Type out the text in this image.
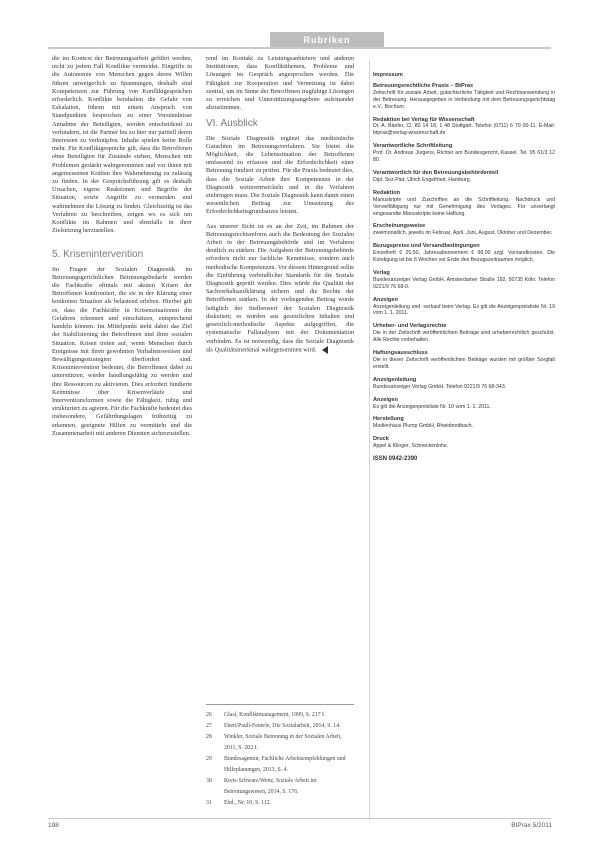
Rubriken

die im Kontext der Betreuungsarbeit geführt werden, nicht zu jedem Fall Konflikte vermeidet. Eingriffe in die Autonomie von Menschen gegen deren Willen führen unweigerlich zu Spannungen, deshalb sind Kompetenzen zur Führung von Konfliktgesprächen erforderlich. Konflikte beinhalten die Gefahr von Eskalation, führen mit einem Anspruch von Standpunkten besprochen zu einer Verständnisse Annahme der Beteiligten, werden entscheidend zu verhindern, ist die Partner bis zu hier nur partiell deren Interessen zu verknüpfen. Inhalte spielen keine Rolle mehr. Für Konfliktgespräche gilt, dass die Betroffenen ohne Beteiligten für Zustände stehen, Menschen mit Problemen gestärkt wahrgenommen und vor ihnen mit angemessenen Kräften ihre Wahrnehmung zu zulässig zu finden. In der Gesprächsführung gilt es deshalb Ursachen, eigene Reaktionen und Begriffe der Situation, sowie Angriffe zu vermeiden und wahrnehmen die Lösung zu finden. Gleichzeitig ist das Verfahren zu beschreiben, zeigen wo es sich um Konflikte im Rahmen und ebenfalls in ihrer Zielsetzung herzustellen.

5. Krisenintervention

Im Fragen der Sozialen Diagnostik im Betreuungsgerichtlichen Betreuungsbedarfe werden die Fachkräfte oftmals mit akuten Krisen der Betroffenen konfrontiert, die sie in der Klärung einer konkreten Situation als belastend erleben. Hierbei gilt es, dass die Fachkräfte in Krisensituationen die Gefahren erkennen und einschätzen, entsprechend handeln können. Im Mittelpunkt steht dabei das Ziel der Stabilisierung der Betroffenen und ihrer sozialen Situation. Krisen treten auf, wenn Menschen durch Ereignisse mit ihren gewohnten Verhaltensweisen und Bewältigungsstrategien überfordert sind. Krisenintervention bedeutet, die Betroffenen dabei zu unterstützen, wieder handlungsfähig zu werden und ihre Ressourcen zu aktivieren. Dies erfordert fundierte Kenntnisse über Krisenverläufe und Interventionsformen sowie die Fähigkeit, ruhig und strukturiert zu agieren. Für die Fachkräfte bedeutet dies insbesondere, Gefährdungslagen frühzeitig zu erkennen, geeignete Hilfen zu vermitteln und die Zusammenarbeit mit anderen Diensten sicherzustellen.

rend im Kontakt zu Leistungsanbietern und anderen Institutionen, dass Konfliktthemen, Probleme und Lösungen im Gespräch angesprochen werden. Die Fähigkeit zur Kooperation und Vernetzung ist dabei zentral, um im Sinne der Betroffenen tragfähige Lösungen zu erreichen und Unterstützungsangebote aufeinander abzustimmen.

VI. Ausblick

Die Soziale Diagnostik ergänzt das medizinische Gutachten im Betreuungsverfahren. Sie bietet die Möglichkeit, die Lebenssituation der Betroffenen umfassend zu erfassen und die Erforderlichkeit einer Betreuung fundiert zu prüfen. Für die Praxis bedeutet dies, dass die Soziale Arbeit ihre Kompetenzen in der Diagnostik weiterentwickeln und in die Verfahren einbringen muss. Die Soziale Diagnostik kann damit einen wesentlichen Beitrag zur Umsetzung des Erforderlichkeitsgrundsatzes leisten.

Aus unserer Sicht ist es an der Zeit, im Rahmen der Betreuungsrechtsreform auch die Bedeutung der Sozialen Arbeit in der Betreuungsbehörde und im Verfahren deutlich zu stärken. Die Aufgaben der Betreuungsbehörde erfordern nicht nur fachliche Kenntnisse, sondern auch methodische Kompetenzen. Vor diesem Hintergrund sollte die Einführung verbindlicher Standards für die Soziale Diagnostik geprüft werden. Dies würde die Qualität der Sachverhaltsaufklärung sichern und die Rechte der Betroffenen stärken. In der vorliegenden Beitrag wurde lediglich der Stellenwert der Sozialen Diagnostik diskutiert; es wurden aus gesetzlichen Inhalten und gesetzlich-methodische Aspekte aufgegriffen, die systematische Fallanalysen mit der Dokumentation verbinden. Es ist notwendig, dass die Soziale Diagnostik als Qualitätsmerkmal wahrgenommen wird.

26	Glasl, Konfliktmanagement, 1999, S. 217 f.
27	Ebert/Pauli-Feuerle, Die Sozialarbeit, 2014, S. 14.
28	Winkler, Soziale Betreuung in der Sozialen Arbeit, 2011, S. 202 f.
29	Bundesagentur, Fachliche Arbeitsempfehlungen und Hilfeplanungen, 2013, S. 4.
30	Kreis-Schwarz/Wenz, Soziale Arbeit im Betreuungswesen, 2014, S. 176.
31	Ebd., Nr. 10, S. 112.
Impressum
Betreuungsrechtliche Praxis – BtPrax

Zeitschrift für soziale Arbeit, gutachterliche Tätigkeit und Rechtsanwendung in der Betreuung. Herausgegeben in Verbindung mit dem Betreuungsgerichtstag e.V., Bochum.

Redaktion bei Verlag für Wissenschaft

Dr. A. Bänfer, Cl. 80 14 18, 1 48 Stuttgart. Telefon (0711) 6 70 00-11. E-Mail: btprax@verlag-wissenschaft.de

Verantwortliche Schriftleitung

Prof. Dr. Andreas Jürgens, Richter am Bundesgericht, Kassel. Tel. 05 61/3 12 80.

Verantwortlich für den Betreuungsbehördenteil

Dipl. Soz.Päd. Ulrich Engelfried, Hamburg.

Redaktion

Manuskripte und Zuschriften an die Schriftleitung. Nachdruck und Vervielfältigung nur mit Genehmigung des Verlages. Für unverlangt eingesandte Manuskripte keine Haftung.

Erscheinungsweise

zweimonatlich, jeweils im Februar, April, Juni, August, Oktober und Dezember.

Bezugspreise und Versandbedingungen

Einzelheft € 25,50, Jahresabonnement € 98,00 zzgl. Versandkosten. Die Kündigung ist bis 6 Wochen vor Ende des Bezugszeitraumes möglich.

Verlag

Bundesanzeiger Verlag GmbH, Amsterdamer Straße 192, 50735 Köln. Telefon 0221/9 76 68-0.

Anzeigen

Anzeigenleitung und -verkauf beim Verlag. Es gilt die Anzeigenpreisliste Nr. 19 vom 1. 1. 2011.

Urheber- und Verlagsrechte

Die in der Zeitschrift veröffentlichten Beiträge sind urheberrechtlich geschützt. Alle Rechte vorbehalten.

Haftungsausschluss

Die in dieser Zeitschrift veröffentlichten Beiträge wurden mit größter Sorgfalt erstellt.

Anzeigenleitung

Bundesanzeiger Verlag GmbH, Telefon 0221/9 76 68-343.

Anzeigen

Es gilt die Anzeigenpreisliste Nr. 10 vom 1. 1. 2011.

Herstellung

Medienhaus Plump GmbH, Rheinbreitbach.

Druck

Appel & Klinger, Schneckenlohe.

ISSN 0942-2390
198	BtPrax 5/2011
